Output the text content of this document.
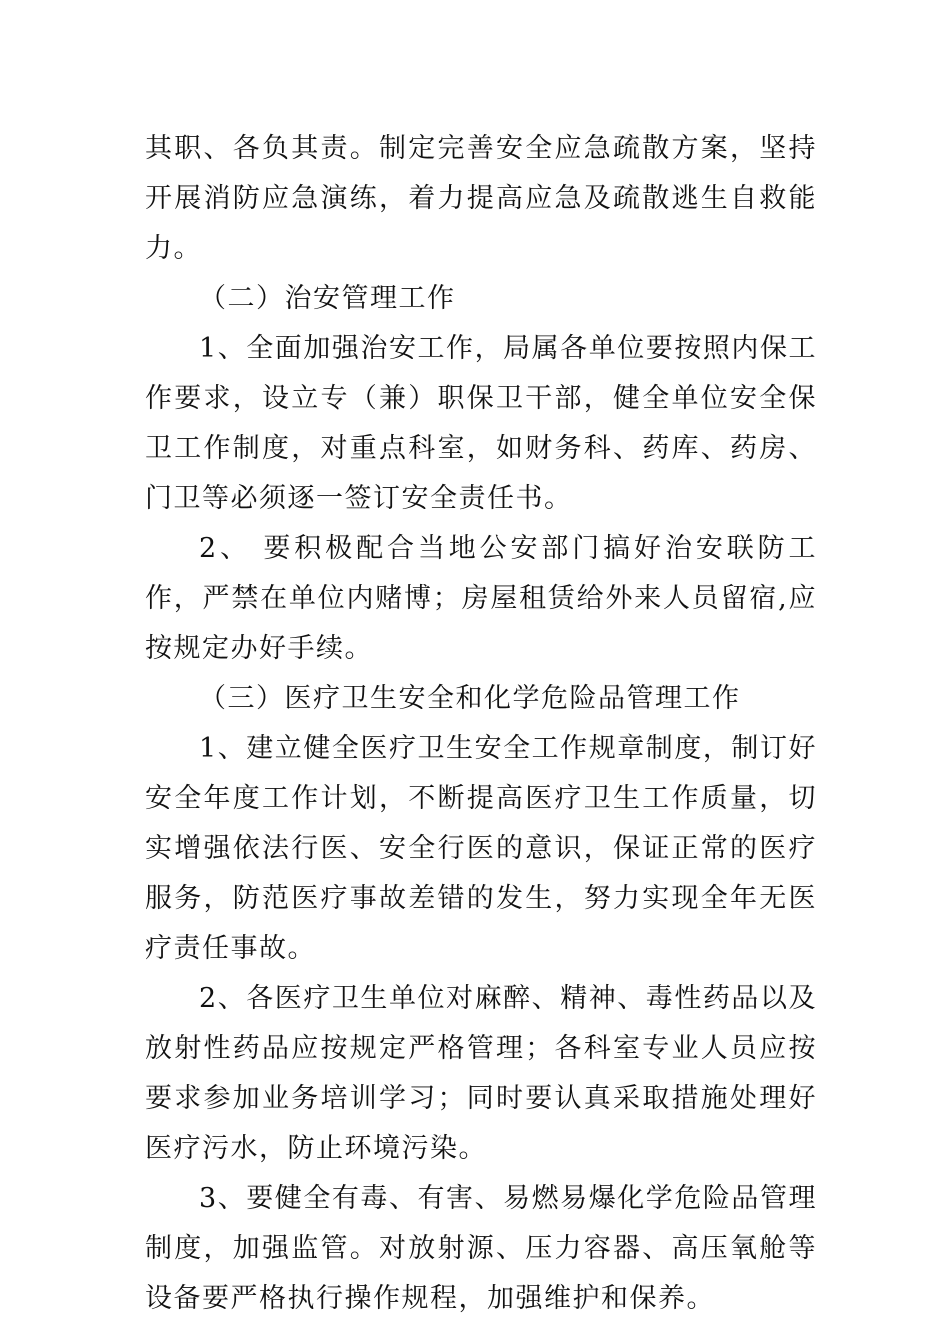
其职、各负其责。制定完善安全应急疏散方案，坚持开展消防应急演练，着力提高应急及疏散逃生自救能力。

（二）治安管理工作

1、全面加强治安工作，局属各单位要按照内保工作要求，设立专（兼）职保卫干部，健全单位安全保卫工作制度，对重点科室，如财务科、药库、药房、门卫等必须逐一签订安全责任书。

2、 要积极配合当地公安部门搞好治安联防工作，严禁在单位内赌博；房屋租赁给外来人员留宿,应按规定办好手续。

（三）医疗卫生安全和化学危险品管理工作

1、建立健全医疗卫生安全工作规章制度，制订好安全年度工作计划，不断提高医疗卫生工作质量，切实增强依法行医、安全行医的意识，保证正常的医疗服务，防范医疗事故差错的发生，努力实现全年无医疗责任事故。

2、各医疗卫生单位对麻醉、精神、毒性药品以及放射性药品应按规定严格管理；各科室专业人员应按要求参加业务培训学习；同时要认真采取措施处理好医疗污水，防止环境污染。

3、要健全有毒、有害、易燃易爆化学危险品管理制度，加强监管。对放射源、压力容器、高压氧舱等设备要严格执行操作规程，加强维护和保养。
